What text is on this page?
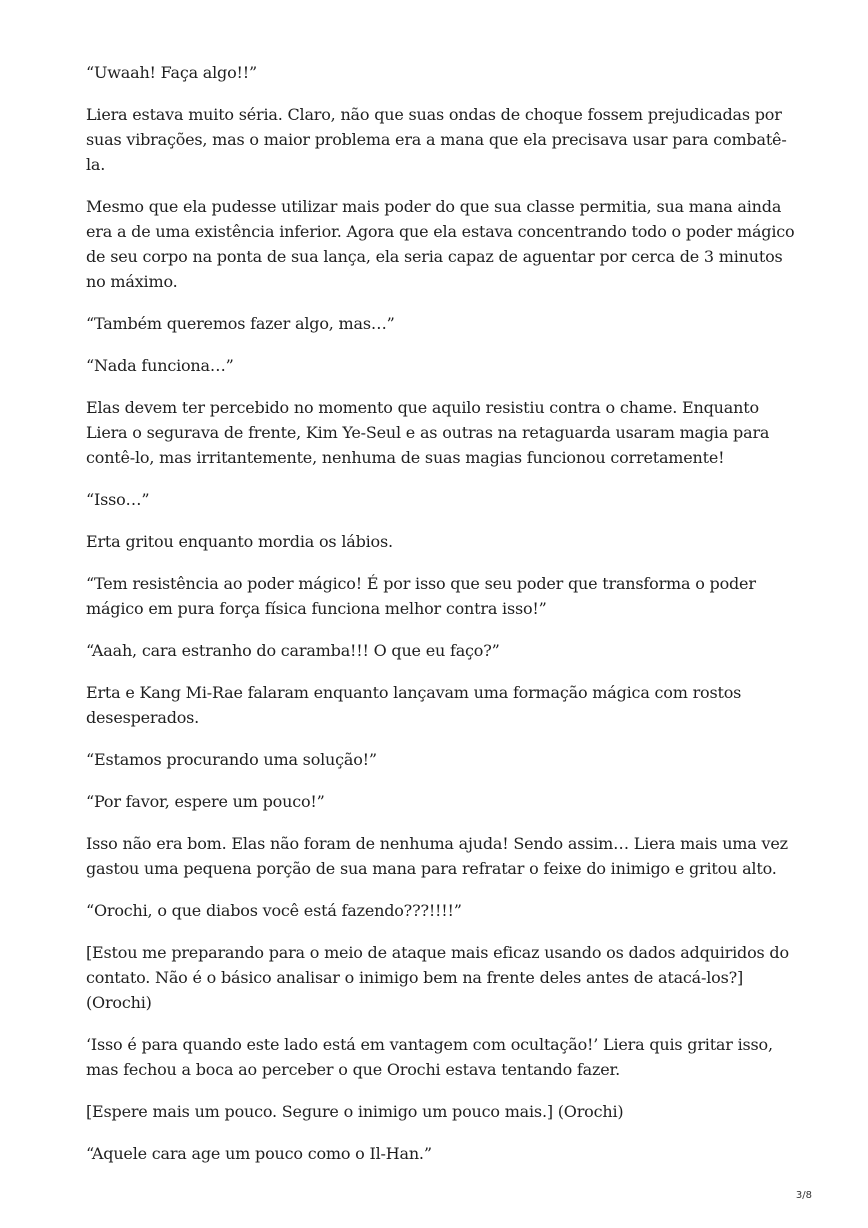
“Uwaah! Faça algo!!”

Liera estava muito séria. Claro, não que suas ondas de choque fossem prejudicadas por suas vibrações, mas o maior problema era a mana que ela precisava usar para combatê-la.

Mesmo que ela pudesse utilizar mais poder do que sua classe permitia, sua mana ainda era a de uma existência inferior. Agora que ela estava concentrando todo o poder mágico de seu corpo na ponta de sua lança, ela seria capaz de aguentar por cerca de 3 minutos no máximo.

“Também queremos fazer algo, mas…”

“Nada funciona…”

Elas devem ter percebido no momento que aquilo resistiu contra o chame. Enquanto Liera o segurava de frente, Kim Ye-Seul e as outras na retaguarda usaram magia para contê-lo, mas irritantemente, nenhuma de suas magias funcionou corretamente!

“Isso…”

Erta gritou enquanto mordia os lábios.

“Tem resistência ao poder mágico! É por isso que seu poder que transforma o poder mágico em pura força física funciona melhor contra isso!”

“Aaah, cara estranho do caramba!!! O que eu faço?”

Erta e Kang Mi-Rae falaram enquanto lançavam uma formação mágica com rostos desesperados.

“Estamos procurando uma solução!”

“Por favor, espere um pouco!”

Isso não era bom. Elas não foram de nenhuma ajuda! Sendo assim… Liera mais uma vez gastou uma pequena porção de sua mana para refratar o feixe do inimigo e gritou alto.

“Orochi, o que diabos você está fazendo???!!!!”

[Estou me preparando para o meio de ataque mais eficaz usando os dados adquiridos do contato. Não é o básico analisar o inimigo bem na frente deles antes de atacá-los?] (Orochi)

‘Isso é para quando este lado está em vantagem com ocultação!’ Liera quis gritar isso, mas fechou a boca ao perceber o que Orochi estava tentando fazer.

[Espere mais um pouco. Segure o inimigo um pouco mais.] (Orochi)

“Aquele cara age um pouco como o Il-Han.”

3/8
